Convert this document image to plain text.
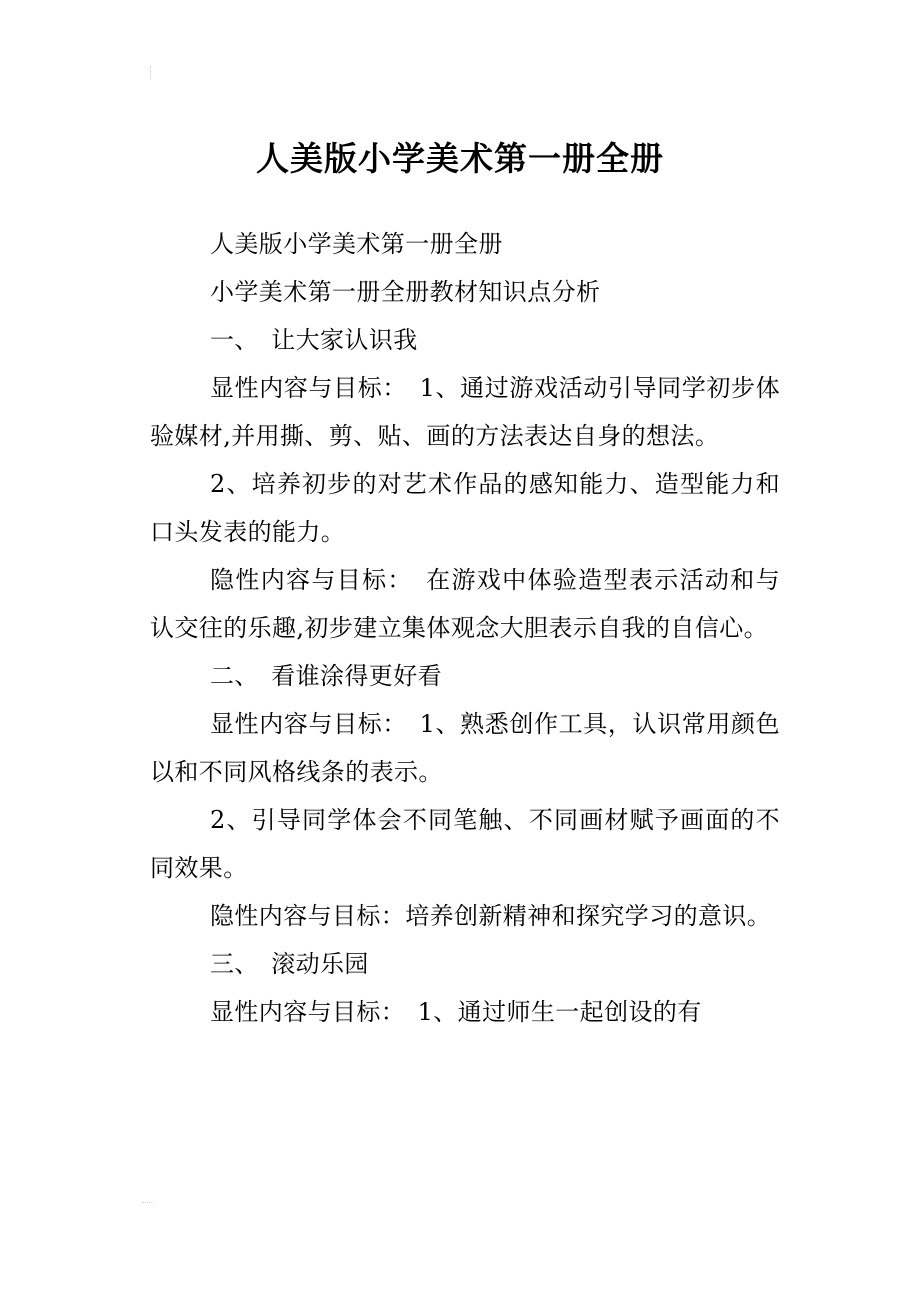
人美版小学美术第一册全册

人美版小学美术第一册全册

小学美术第一册全册教材知识点分析

一、　让大家认识我

显性内容与目标：　1、通过游戏活动引导同学初步体验媒材,并用撕、剪、贴、画的方法表达自身的想法。

2、培养初步的对艺术作品的感知能力、造型能力和口头发表的能力。

隐性内容与目标：　在游戏中体验造型表示活动和与认交往的乐趣,初步建立集体观念大胆表示自我的自信心。

二、　看谁涂得更好看

显性内容与目标：　1、熟悉创作工具，认识常用颜色以和不同风格线条的表示。

2、引导同学体会不同笔触、不同画材赋予画面的不同效果。

隐性内容与目标：培养创新精神和探究学习的意识。

三、　滚动乐园

显性内容与目标：　1、通过师生一起创设的有
